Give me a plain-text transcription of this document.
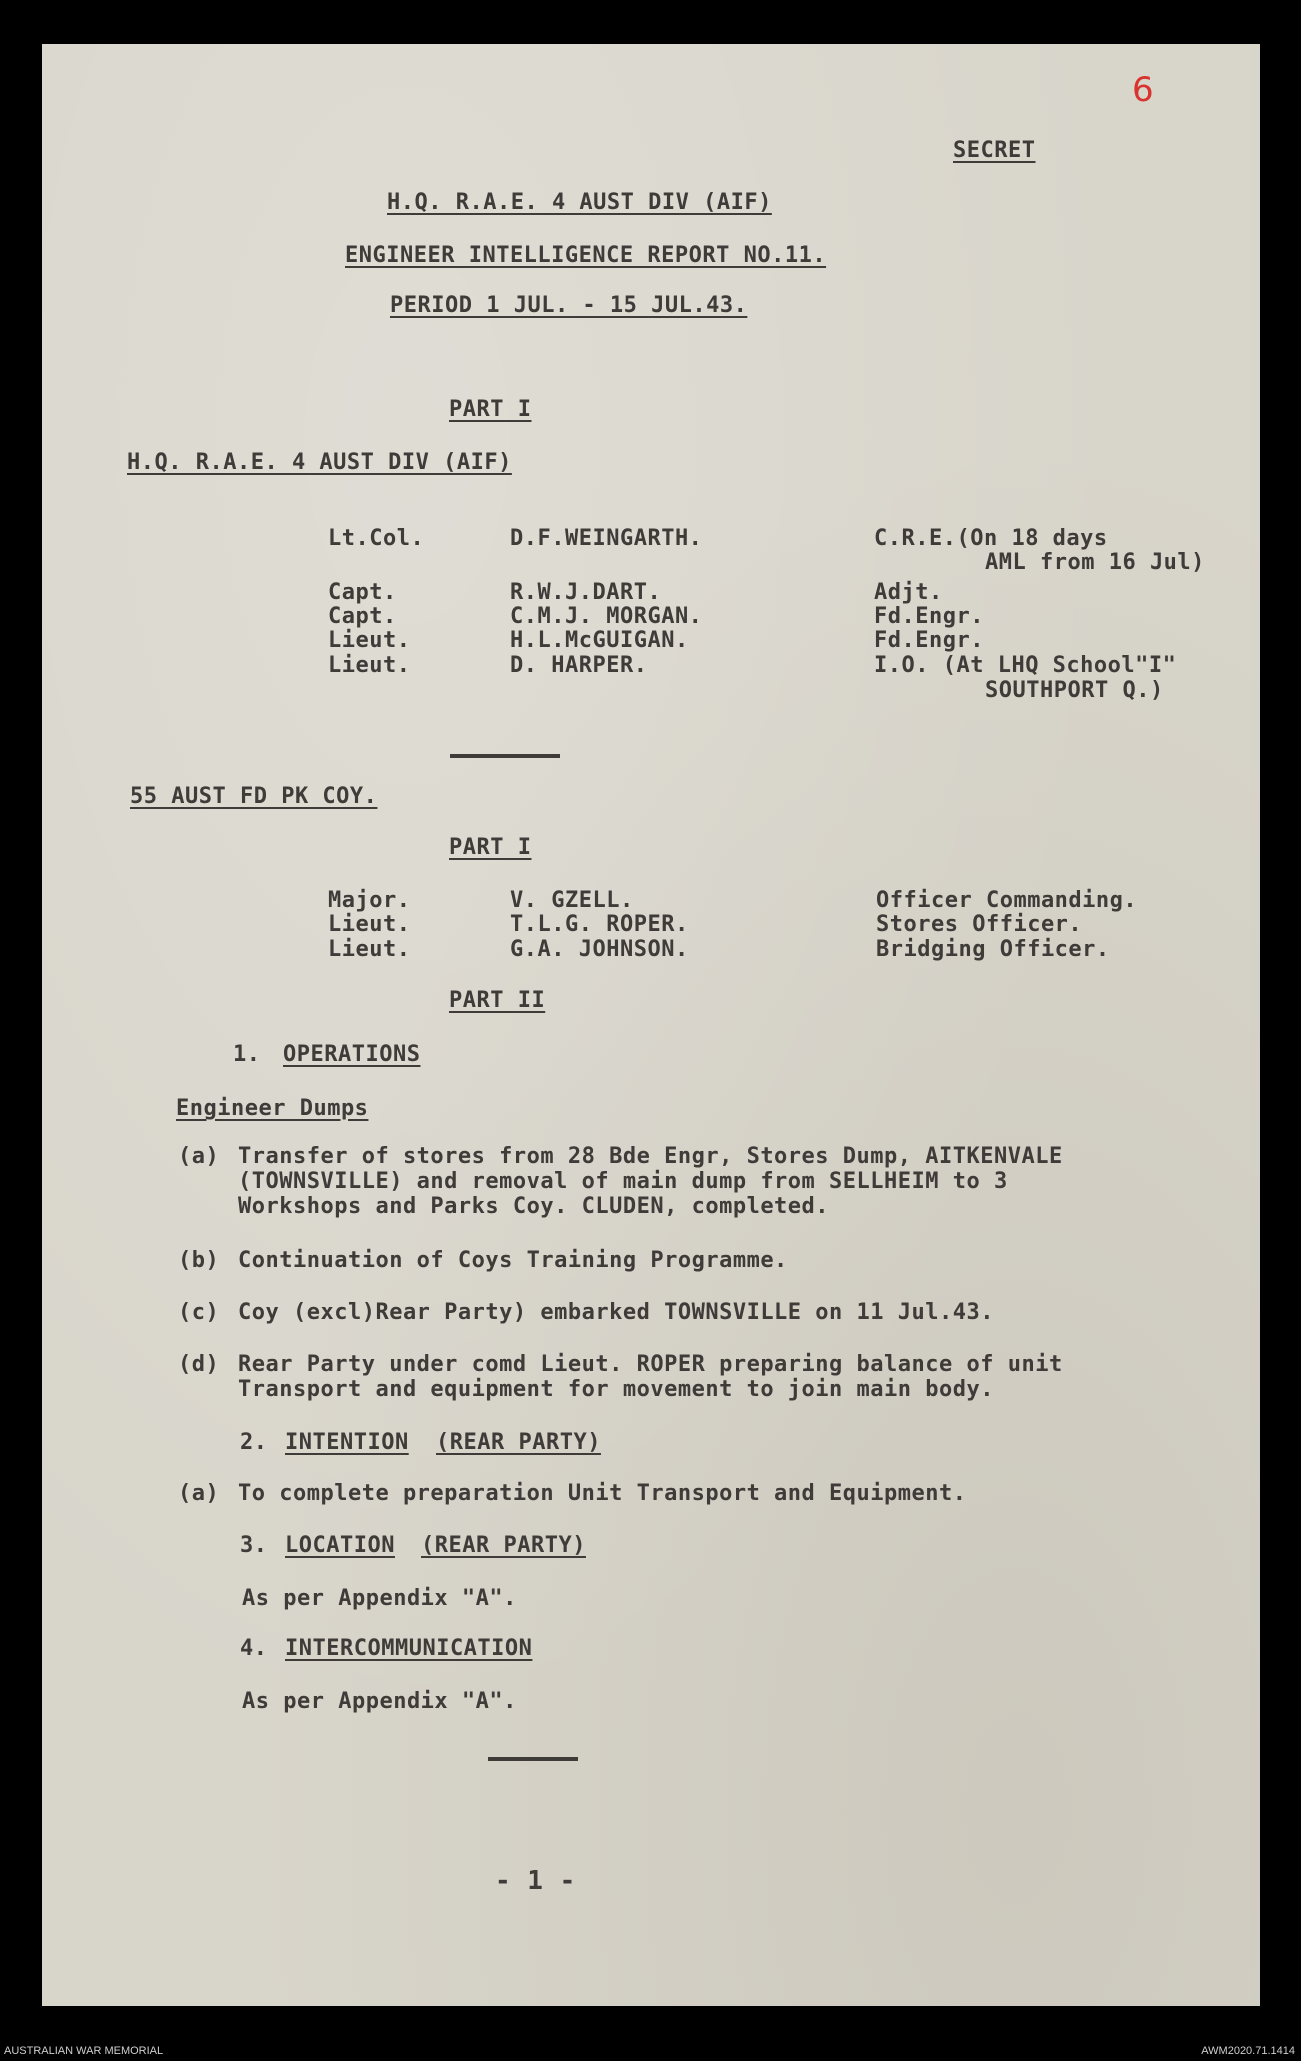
6
SECRET
H.Q. R.A.E. 4 AUST DIV (AIF)
ENGINEER INTELLIGENCE REPORT NO.11.
PERIOD 1 JUL. - 15 JUL.43.
PART I
H.Q. R.A.E. 4 AUST DIV (AIF)
Lt.Col.	D.F.WEINGARTH.	C.R.E.(On 18 days
AML from 16 Jul)
Capt.	R.W.J.DART.	Adjt.
Capt.	C.M.J. MORGAN.	Fd.Engr.
Lieut.	H.L.McGUIGAN.	Fd.Engr.
Lieut.	D. HARPER.	I.O. (At LHQ School"I"
SOUTHPORT Q.)
55 AUST FD PK COY.
PART I
Major.	V. GZELL.	Officer Commanding.
Lieut.	T.L.G. ROPER.	Stores Officer.
Lieut.	G.A. JOHNSON.	Bridging Officer.
PART II
1. OPERATIONS
Engineer Dumps
(a) Transfer of stores from 28 Bde Engr, Stores Dump, AITKENVALE
(TOWNSVILLE) and removal of main dump from SELLHEIM to 3
Workshops and Parks Coy. CLUDEN, completed.
(b) Continuation of Coys Training Programme.
(c) Coy (excl)Rear Party) embarked TOWNSVILLE on 11 Jul.43.
(d) Rear Party under comd Lieut. ROPER preparing balance of unit
Transport and equipment for movement to join main body.
2. INTENTION (REAR PARTY)
(a) To complete preparation Unit Transport and Equipment.
3. LOCATION (REAR PARTY)
As per Appendix "A".
4. INTERCOMMUNICATION
As per Appendix "A".
- 1 -
AUSTRALIAN WAR MEMORIAL	AWM2020.71.1414
